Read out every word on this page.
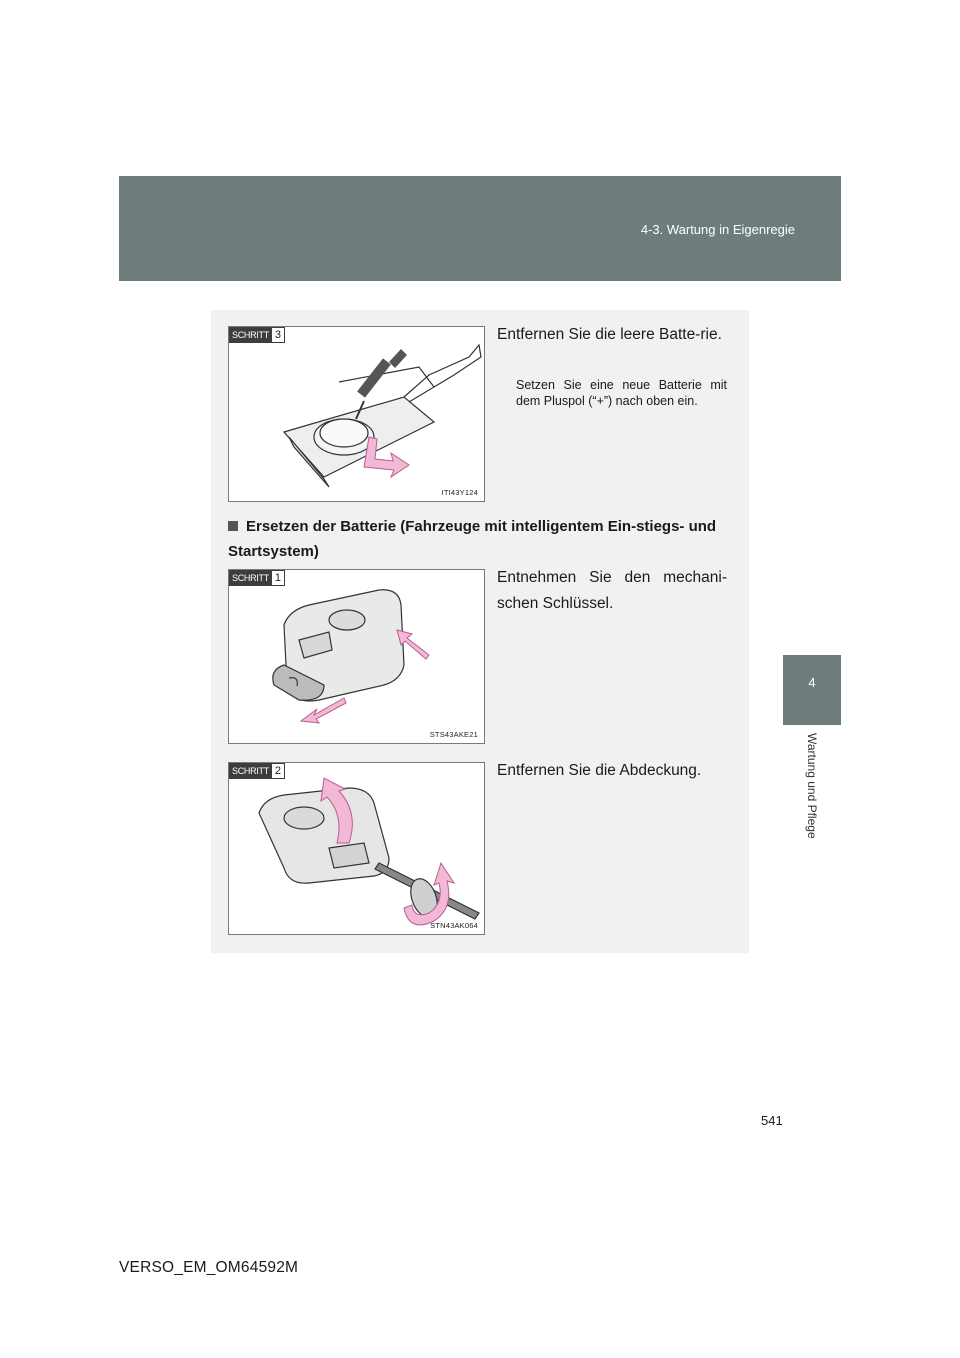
4-3. Wartung in Eigenregie
4
Wartung und Pflege
SCHRITT 3
ITI43Y124
Entfernen Sie die leere Batte-rie.
Setzen Sie eine neue Batterie mit dem Pluspol (“+”) nach oben ein.
Ersetzen der Batterie (Fahrzeuge mit intelligentem Ein-stiegs- und Startsystem)
SCHRITT 1
STS43AKE21
Entnehmen Sie den mechani-schen Schlüssel.
SCHRITT 2
STN43AK064
Entfernen Sie die Abdeckung.
541
VERSO_EM_OM64592M
